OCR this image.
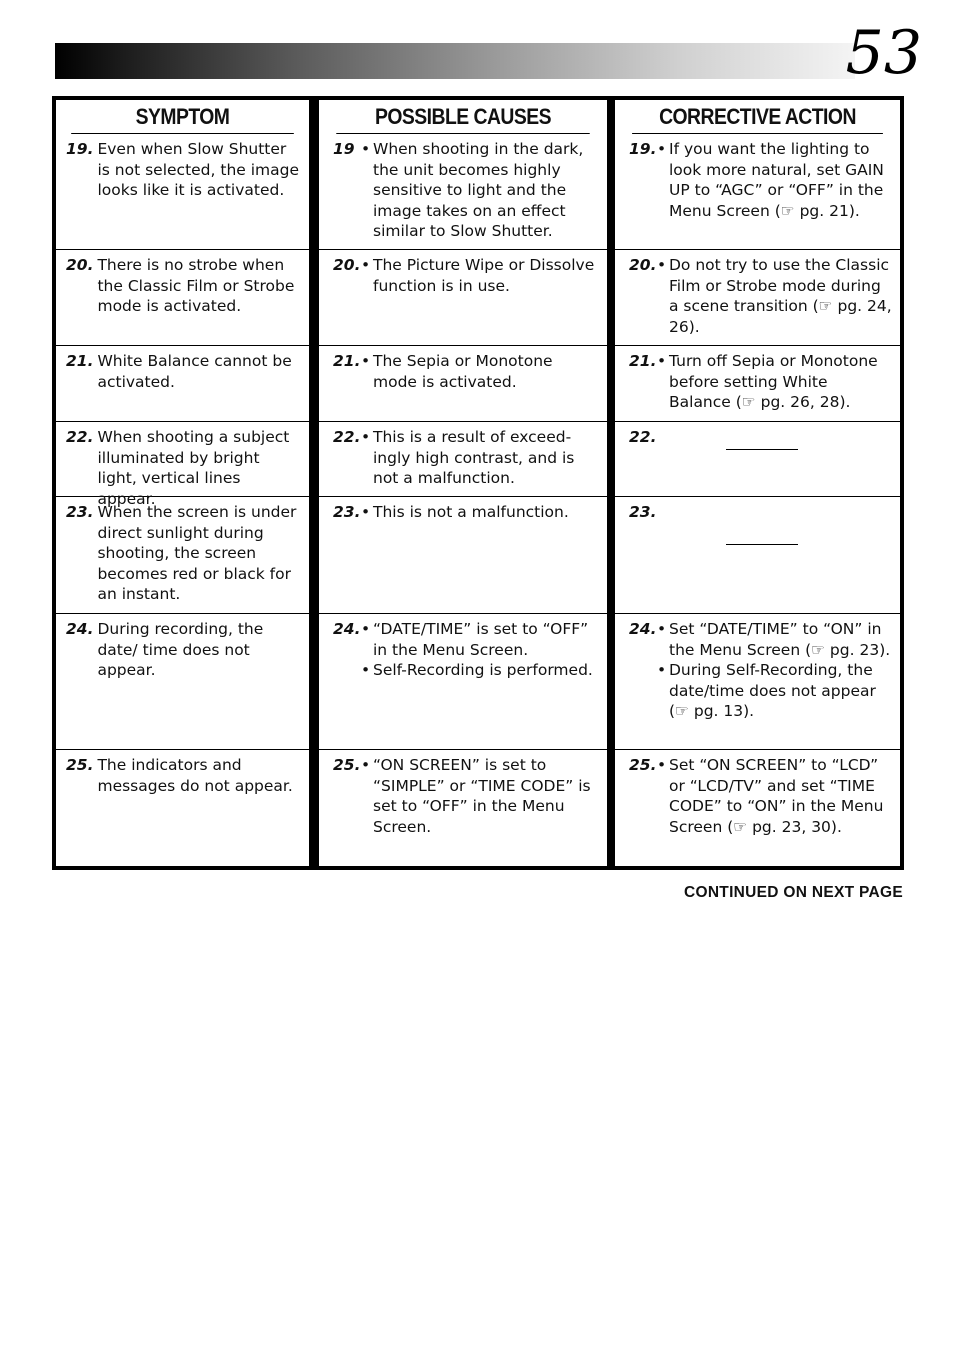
53
SYMPTOM
19. Even when Slow Shutter is not selected, the image looks like it is activated.
20. There is no strobe when the Classic Film or Strobe mode is activated.
21. White Balance cannot be activated.
22. When shooting a subject illuminated by bright light, vertical lines appear.
23. When the screen is under direct sunlight during shooting, the screen becomes red or black for an instant.
24. During recording, the date/ time does not appear.
25. The indicators and messages do not appear.
POSSIBLE CAUSES
19 • When shooting in the dark, the unit becomes highly sensitive to light and the image takes on an effect similar to Slow Shutter.
20. • The Picture Wipe or Dissolve function is in use.
21. • The Sepia or Monotone mode is activated.
22. • This is a result of exceed-ingly high contrast, and is not a malfunction.
23. • This is not a malfunction.
24. • “DATE/TIME” is set to “OFF” in the Menu Screen.
• Self-Recording is performed.
25. • “ON SCREEN” is set to “SIMPLE” or “TIME CODE” is set to “OFF” in the Menu Screen.
CORRECTIVE ACTION
19. • If you want the lighting to look more natural, set GAIN UP to “AGC” or “OFF” in the Menu Screen (☞ pg. 21).
20. • Do not try to use the Classic Film or Strobe mode during a scene transition (☞ pg. 24, 26).
21. • Turn off Sepia or Monotone before setting White Balance (☞ pg. 26, 28).
22.
23.
24. • Set “DATE/TIME” to “ON” in the Menu Screen (☞ pg. 23).
• During Self-Recording, the date/time does not appear (☞ pg. 13).
25. • Set “ON SCREEN” to “LCD” or “LCD/TV” and set “TIME CODE” to “ON” in the Menu Screen (☞ pg. 23, 30).
CONTINUED ON NEXT PAGE
